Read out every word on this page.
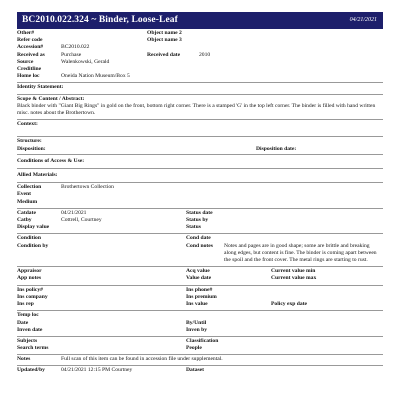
BC2010.022.324 ~ Binder, Loose-Leaf	04/21/2021
Other#	Object name 2
Refer code	Object name 3
Accession#	BC2010.022
Received as	Purchase	Received date	2010
Source	Walenkowski, Gerald
Creditline
Home loc	Oneida Nation Museum/Box 5
Identity Statement:
Scope & Content / Abstract:
Black binder with "Giant Big Rings" in gold on the front, bottom right corner. There is a stamped 'G' in the top left corner. The binder is filled with hand written misc. notes about the Brothertown.
Context:
Structure:
Disposition:	Disposition date:
Conditions of Access & Use:
Allied Materials:
Collection	Brothertown Collection
Event
Medium
Catdate	04/21/2021	Status date
Catby	Cottrell, Courtney	Status by
Display value	Status
Condition	Cond date
Condition by	Cond notes	Notes and pages are in good shape; some are brittle and breaking along edges, but content is fine. The binder is coming apart between the spoil and the front cover. The metal rings are starting to rust.
Appraisor	Acq value	Current value min
App notes	Value date	Current value max
Ins policy#	Ins phone#
Ins company	Ins premium
Ins rep	Ins value	Policy exp date
Temp loc
Date	By/Until
Inven date	Inven by
Subjects	Classification
Search terms	People
Notes	Full scan of this item can be found in accession file under supplemental.
Updated/by	04/21/2021 12:15 PM Courtney	Dataset
